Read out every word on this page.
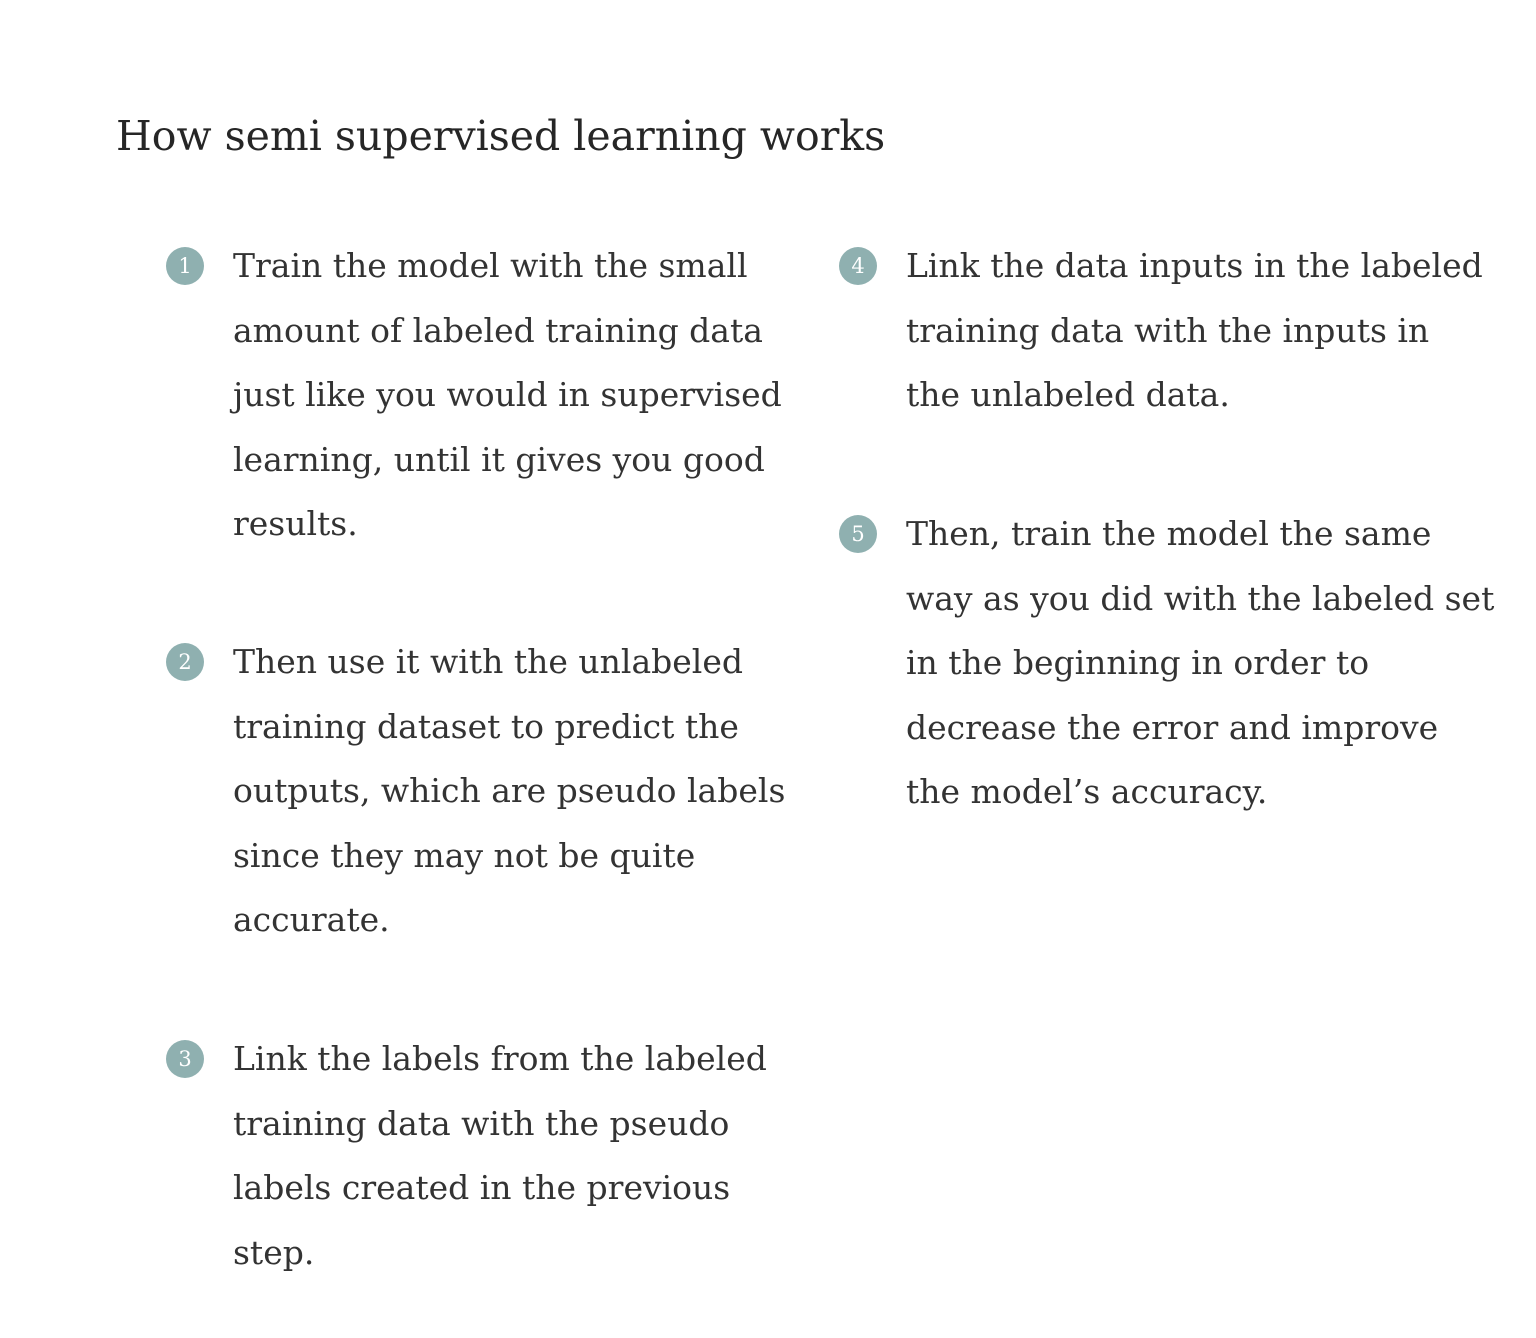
How semi supervised learning works
1	Train the model with the small amount of labeled training data just like you would in supervised learning, until it gives you good results.

2	Then use it with the unlabeled training dataset to predict the outputs, which are pseudo labels since they may not be quite accurate.

3	Link the labels from the labeled training data with the pseudo labels created in the previous step.

4	Link the data inputs in the labeled training data with the inputs in the unlabeled data.

5	Then, train the model the same way as you did with the labeled set in the beginning in order to decrease the error and improve the model’s accuracy.
